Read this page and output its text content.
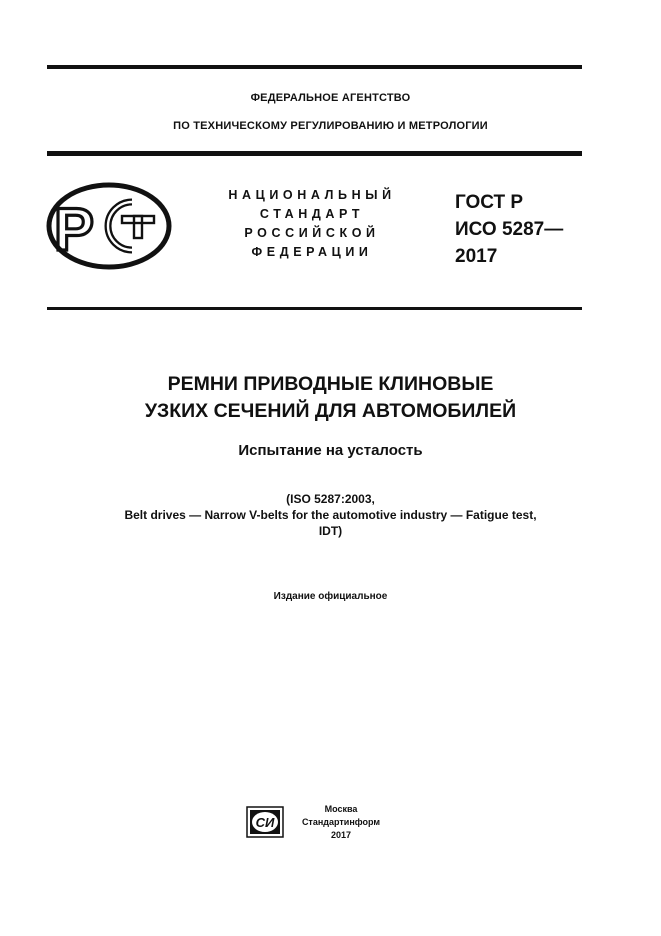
ФЕДЕРАЛЬНОЕ АГЕНТСТВО
ПО ТЕХНИЧЕСКОМУ РЕГУЛИРОВАНИЮ И МЕТРОЛОГИИ
Р
НАЦИОНАЛЬНЫЙ
СТАНДАРТ
РОССИЙСКОЙ
ФЕДЕРАЦИИ
ГОСТ Р
ИСО 5287—
2017
РЕМНИ ПРИВОДНЫЕ КЛИНОВЫЕ
УЗКИХ СЕЧЕНИЙ ДЛЯ АВТОМОБИЛЕЙ
Испытание на усталость
(ISO 5287:2003,
Belt drives — Narrow V-belts for the automotive industry — Fatigue test,
IDT)
Издание официальное
СИ
Москва
Стандартинформ
2017
